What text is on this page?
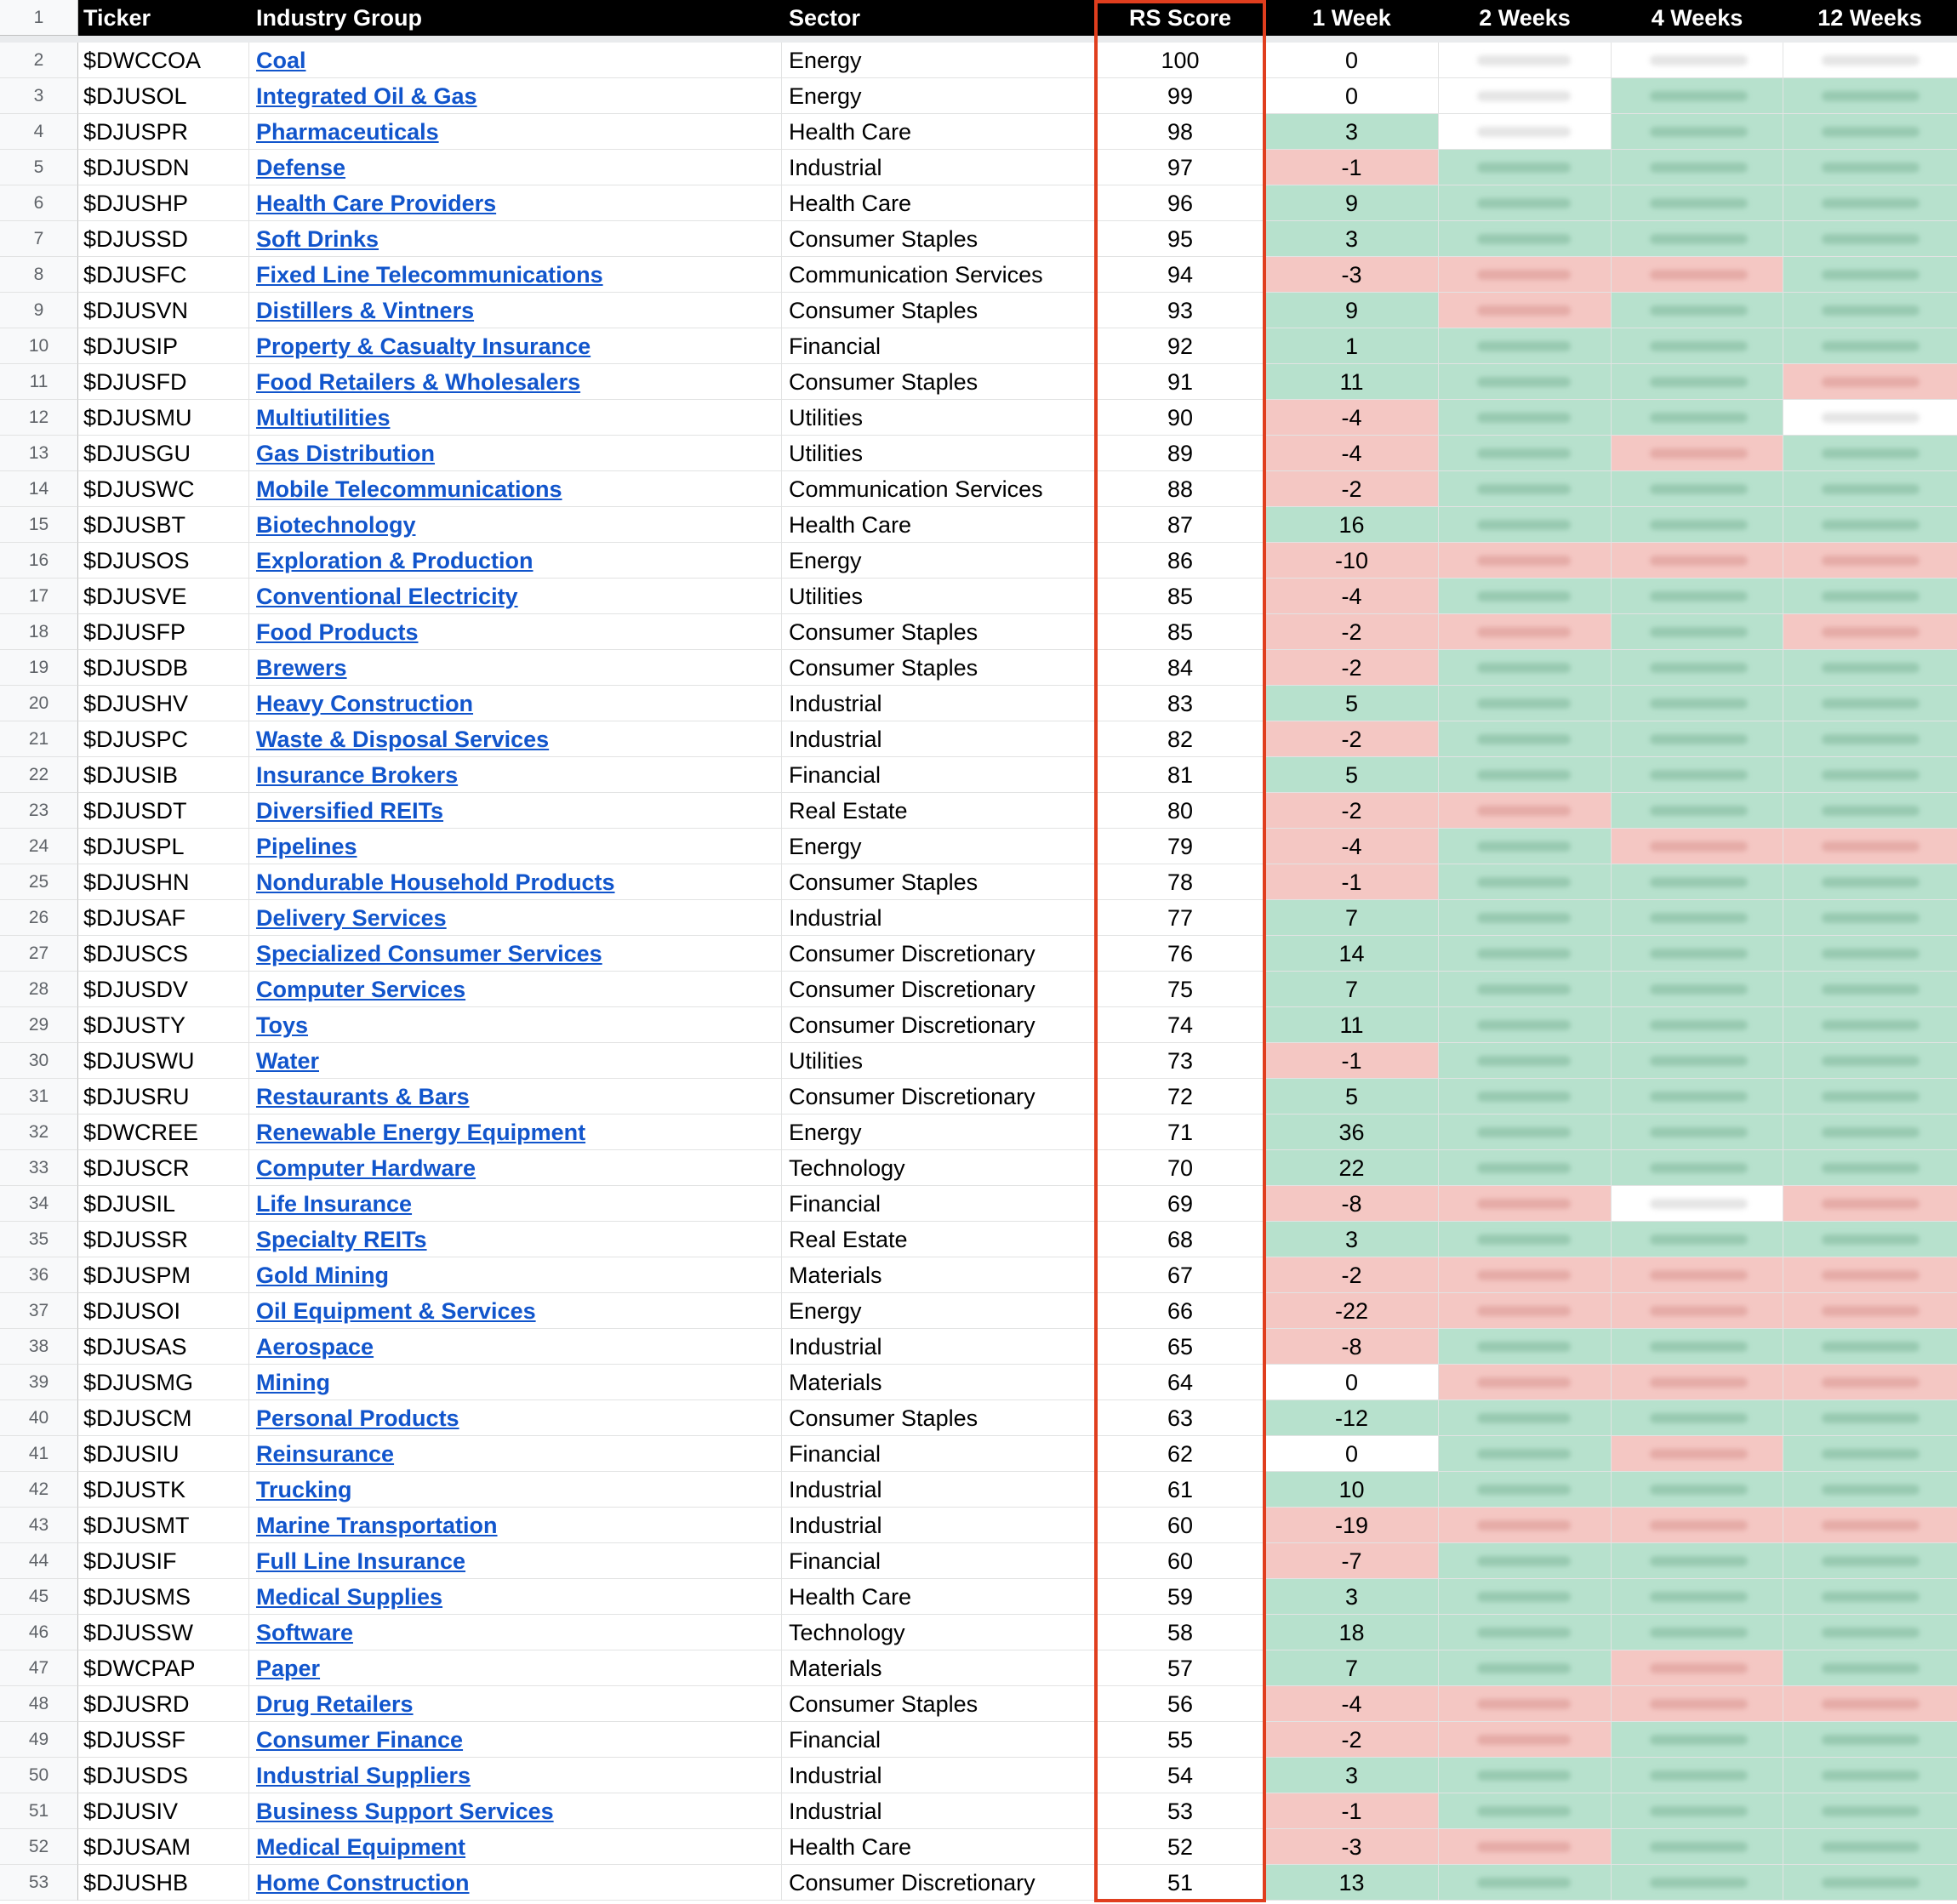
1	Ticker	Industry Group	Sector	RS Score	1 Week	2 Weeks	4 Weeks	12 Weeks
2	$DWCCOA	Coal	Energy	100	0
3	$DJUSOL	Integrated Oil & Gas	Energy	99	0
4	$DJUSPR	Pharmaceuticals	Health Care	98	3
5	$DJUSDN	Defense	Industrial	97	-1
6	$DJUSHP	Health Care Providers	Health Care	96	9
7	$DJUSSD	Soft Drinks	Consumer Staples	95	3
8	$DJUSFC	Fixed Line Telecommunications	Communication Services	94	-3
9	$DJUSVN	Distillers & Vintners	Consumer Staples	93	9
10	$DJUSIP	Property & Casualty Insurance	Financial	92	1
11	$DJUSFD	Food Retailers & Wholesalers	Consumer Staples	91	11
12	$DJUSMU	Multiutilities	Utilities	90	-4
13	$DJUSGU	Gas Distribution	Utilities	89	-4
14	$DJUSWC	Mobile Telecommunications	Communication Services	88	-2
15	$DJUSBT	Biotechnology	Health Care	87	16
16	$DJUSOS	Exploration & Production	Energy	86	-10
17	$DJUSVE	Conventional Electricity	Utilities	85	-4
18	$DJUSFP	Food Products	Consumer Staples	85	-2
19	$DJUSDB	Brewers	Consumer Staples	84	-2
20	$DJUSHV	Heavy Construction	Industrial	83	5
21	$DJUSPC	Waste & Disposal Services	Industrial	82	-2
22	$DJUSIB	Insurance Brokers	Financial	81	5
23	$DJUSDT	Diversified REITs	Real Estate	80	-2
24	$DJUSPL	Pipelines	Energy	79	-4
25	$DJUSHN	Nondurable Household Products	Consumer Staples	78	-1
26	$DJUSAF	Delivery Services	Industrial	77	7
27	$DJUSCS	Specialized Consumer Services	Consumer Discretionary	76	14
28	$DJUSDV	Computer Services	Consumer Discretionary	75	7
29	$DJUSTY	Toys	Consumer Discretionary	74	11
30	$DJUSWU	Water	Utilities	73	-1
31	$DJUSRU	Restaurants & Bars	Consumer Discretionary	72	5
32	$DWCREE	Renewable Energy Equipment	Energy	71	36
33	$DJUSCR	Computer Hardware	Technology	70	22
34	$DJUSIL	Life Insurance	Financial	69	-8
35	$DJUSSR	Specialty REITs	Real Estate	68	3
36	$DJUSPM	Gold Mining	Materials	67	-2
37	$DJUSOI	Oil Equipment & Services	Energy	66	-22
38	$DJUSAS	Aerospace	Industrial	65	-8
39	$DJUSMG	Mining	Materials	64	0
40	$DJUSCM	Personal Products	Consumer Staples	63	-12
41	$DJUSIU	Reinsurance	Financial	62	0
42	$DJUSTK	Trucking	Industrial	61	10
43	$DJUSMT	Marine Transportation	Industrial	60	-19
44	$DJUSIF	Full Line Insurance	Financial	60	-7
45	$DJUSMS	Medical Supplies	Health Care	59	3
46	$DJUSSW	Software	Technology	58	18
47	$DWCPAP	Paper	Materials	57	7
48	$DJUSRD	Drug Retailers	Consumer Staples	56	-4
49	$DJUSSF	Consumer Finance	Financial	55	-2
50	$DJUSDS	Industrial Suppliers	Industrial	54	3
51	$DJUSIV	Business Support Services	Industrial	53	-1
52	$DJUSAM	Medical Equipment	Health Care	52	-3
53	$DJUSHB	Home Construction	Consumer Discretionary	51	13
